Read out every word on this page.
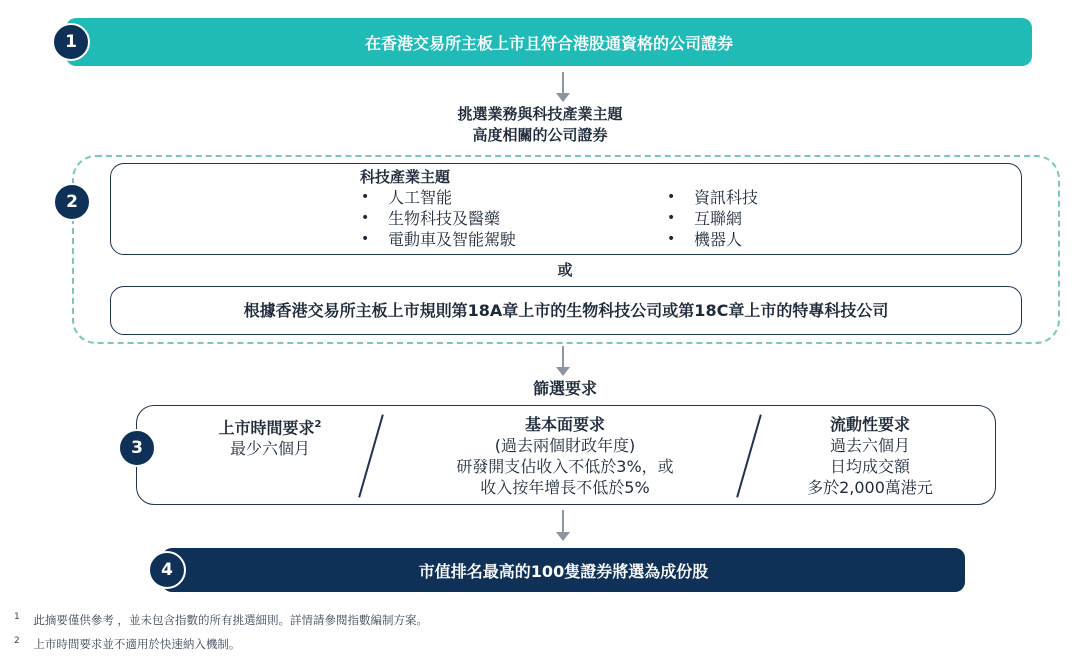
在香港交易所主板上市且符合港股通資格的公司證券
1
挑選業務與科技產業主題
高度相關的公司證券
2
科技產業主題
• 人工智能
• 生物科技及醫藥
• 電動車及智能駕駛
• 資訊科技
• 互聯網
• 機器人
或
根據香港交易所主板上市規則第18A章上市的生物科技公司或第18C章上市的特專科技公司
篩選要求
3
上市時間要求$^2$
最少六個月
基本面要求
(過去兩個財政年度)
研發開支佔收入不低於3%，或
收入按年增長不低於5%
流動性要求
過去六個月
日均成交額
多於2,000萬港元
市值排名最高的100隻證券將選為成份股
4
$^1$ 此摘要僅供參考 ，並未包含指數的所有挑選細則。詳情請參閱指數編制方案。
$^2$ 上市時間要求並不適用於快速納入機制。
